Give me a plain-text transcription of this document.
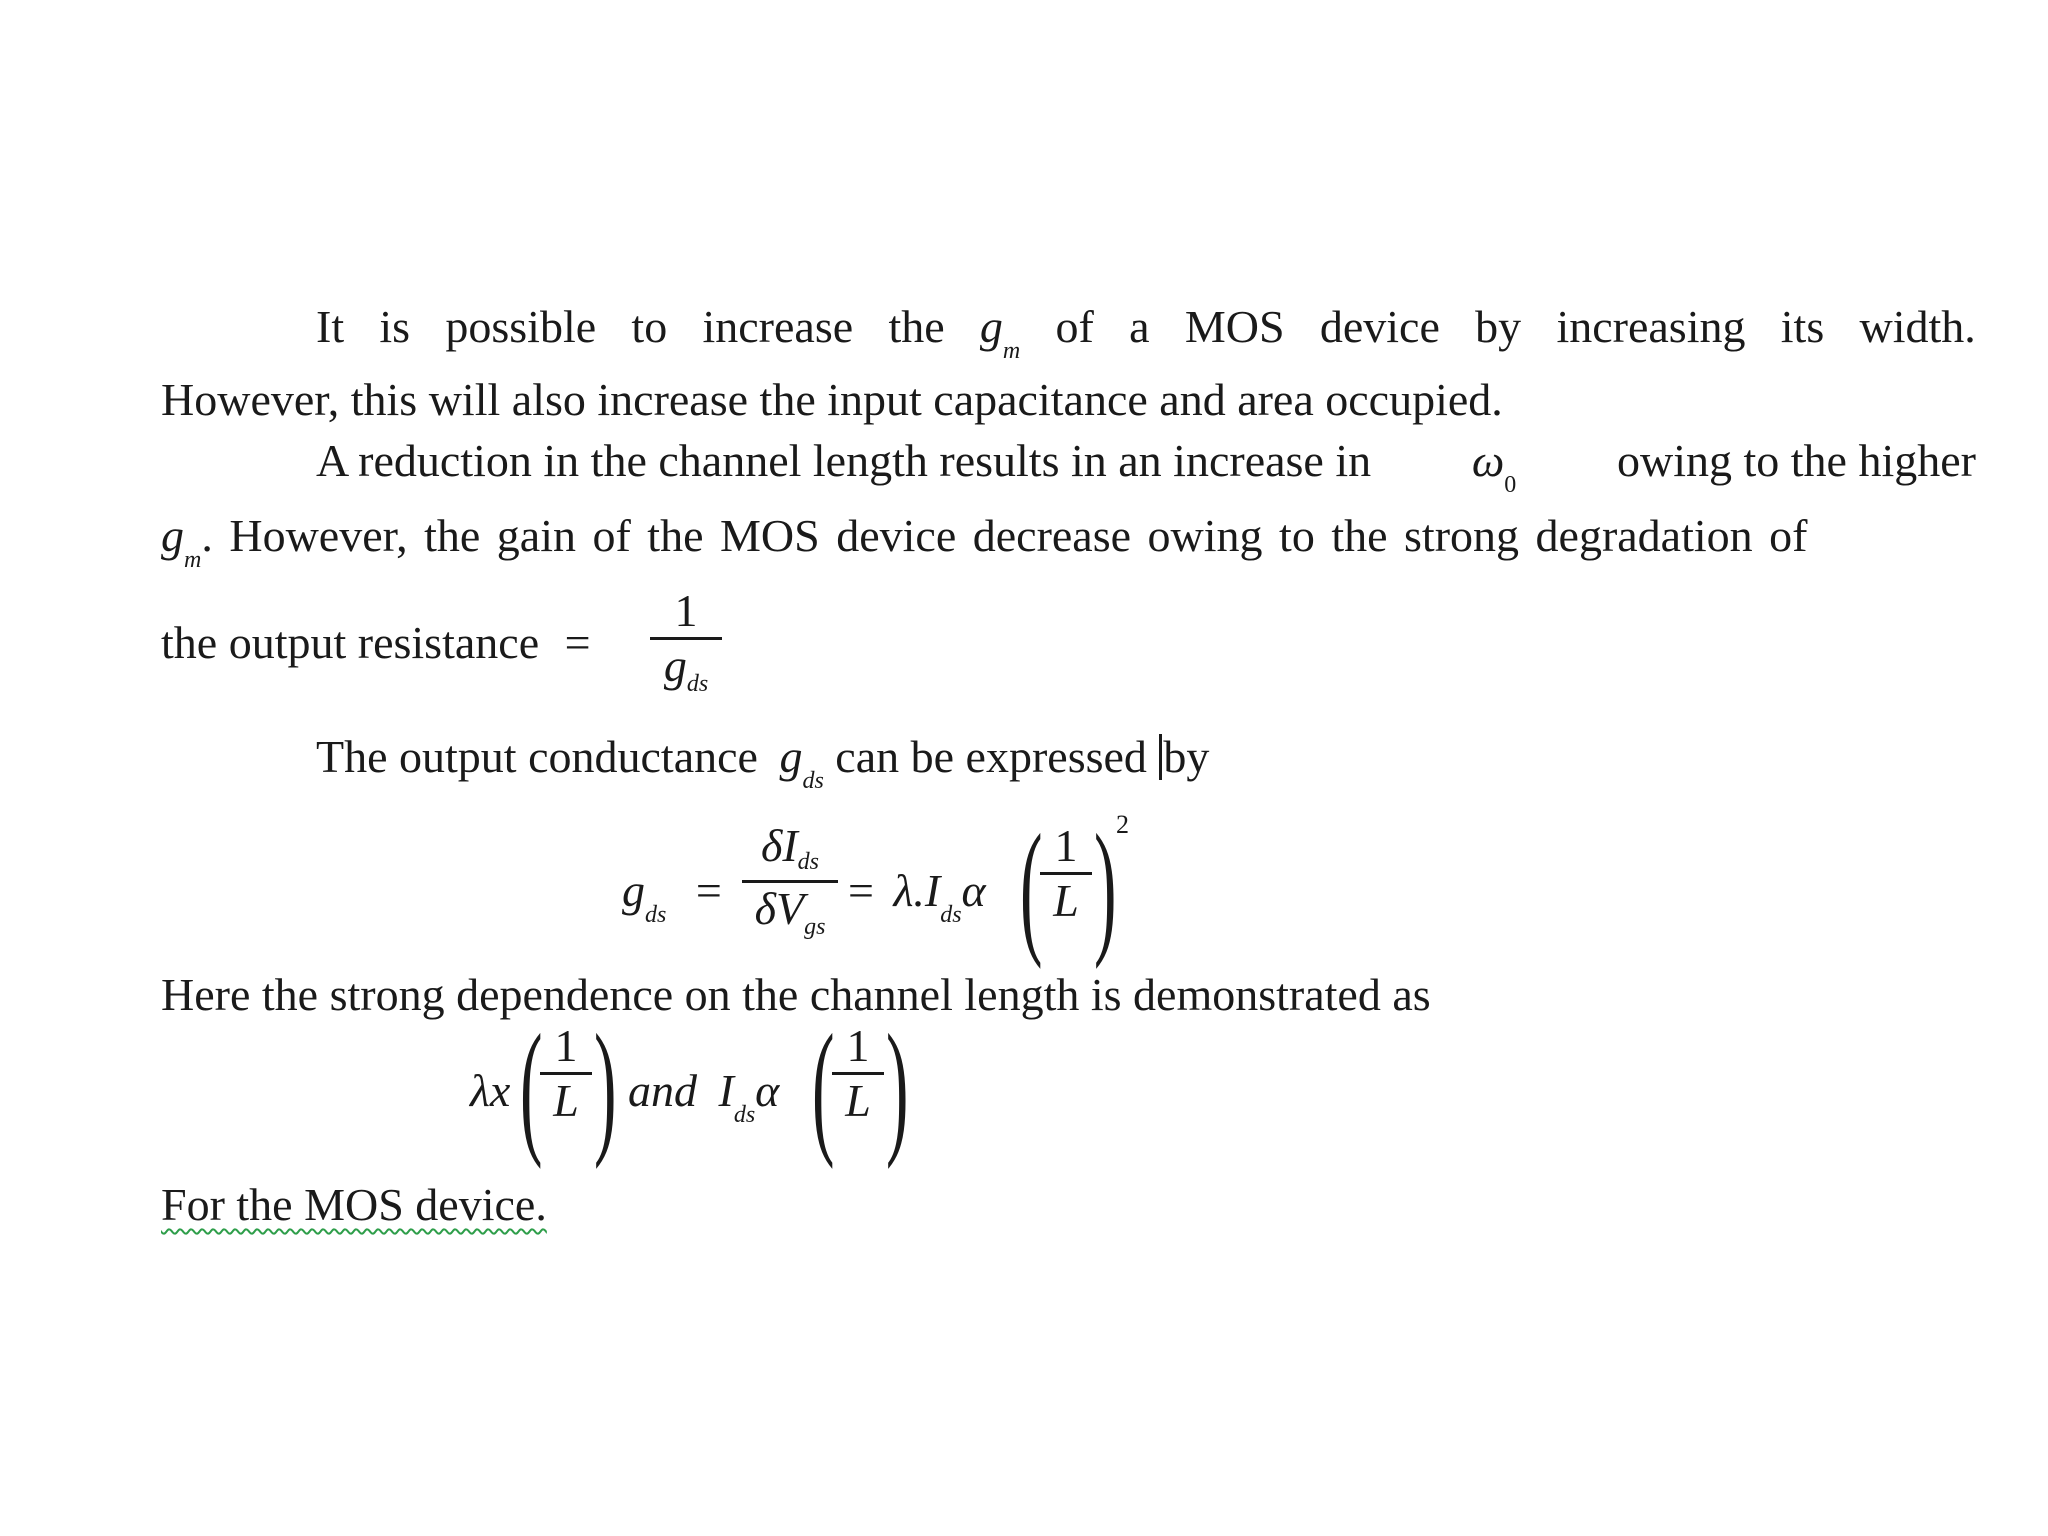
It is possible to increase the $g_m$ of a MOS device by increasing its width.
However, this will also increase the input capacitance and area occupied.
A reduction in the channel length results in an increase in $\omega_0$ owing to the higher
$g_m$. However, the gain of the MOS device decrease owing to the strong degradation of
the output resistance =
1
$g_{ds}$
The output conductance $g_{ds}$ can be expressed by
$g_{ds}$ =
δIds
$\delta V_{gs}$
= $\lambda.I_{ds}\alpha$ ( 1
L ) 2
Here the strong dependence on the channel length is demonstrated as
λx ( 1
L ) and $I_{ds}\alpha$ ( 1
L )
For the MOS device.
